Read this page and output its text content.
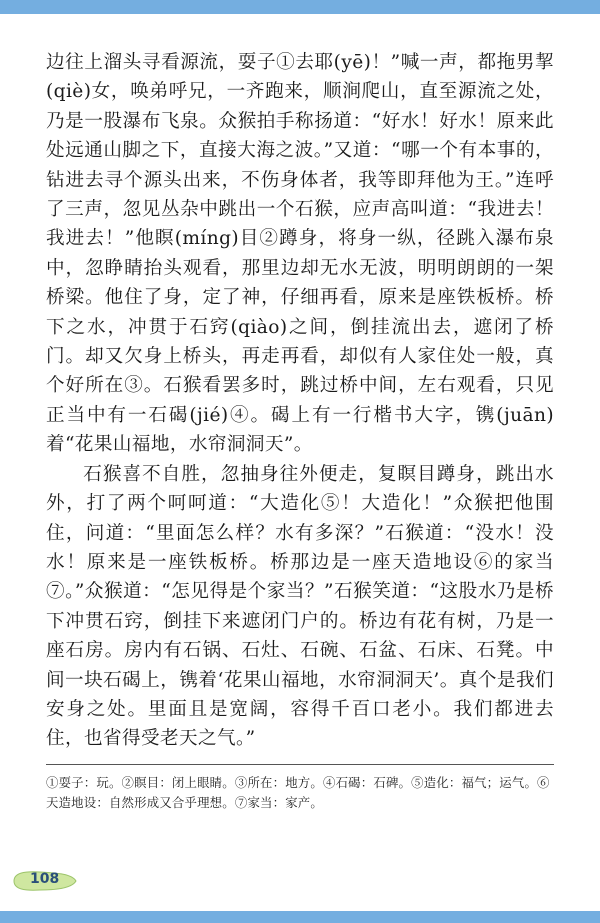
边往上溜头寻看源流，耍子①去耶(yē)！”喊一声，都拖男挈(qiè)女，唤弟呼兄，一齐跑来，顺涧爬山，直至源流之处，乃是一股瀑布飞泉。众猴拍手称扬道：“好水！好水！原来此处远通山脚之下，直接大海之波。”又道：“哪一个有本事的，钻进去寻个源头出来，不伤身体者，我等即拜他为王。”连呼了三声，忽见丛杂中跳出一个石猴，应声高叫道：“我进去！我进去！”他瞑(míng)目②蹲身，将身一纵，径跳入瀑布泉中，忽睁睛抬头观看，那里边却无水无波，明明朗朗的一架桥梁。他住了身，定了神，仔细再看，原来是座铁板桥。桥下之水，冲贯于石窍(qiào)之间，倒挂流出去，遮闭了桥门。却又欠身上桥头，再走再看，却似有人家住处一般，真个好所在③。石猴看罢多时，跳过桥中间，左右观看，只见正当中有一石碣(jié)④。碣上有一行楷书大字，镌(juān)着“花果山福地，水帘洞洞天”。

石猴喜不自胜，忽抽身往外便走，复瞑目蹲身，跳出水外，打了两个呵呵道：“大造化⑤！大造化！”众猴把他围住，问道：“里面怎么样？水有多深？”石猴道：“没水！没水！原来是一座铁板桥。桥那边是一座天造地设⑥的家当⑦。”众猴道：“怎见得是个家当？”石猴笑道：“这股水乃是桥下冲贯石窍，倒挂下来遮闭门户的。桥边有花有树，乃是一座石房。房内有石锅、石灶、石碗、石盆、石床、石凳。中间一块石碣上，镌着‘花果山福地，水帘洞洞天’。真个是我们安身之处。里面且是宽阔，容得千百口老小。我们都进去住，也省得受老天之气。”

①耍子：玩。②瞑目：闭上眼睛。③所在：地方。④石碣：石碑。⑤造化：福气；运气。⑥天造地设：自然形成又合乎理想。⑦家当：家产。

108
